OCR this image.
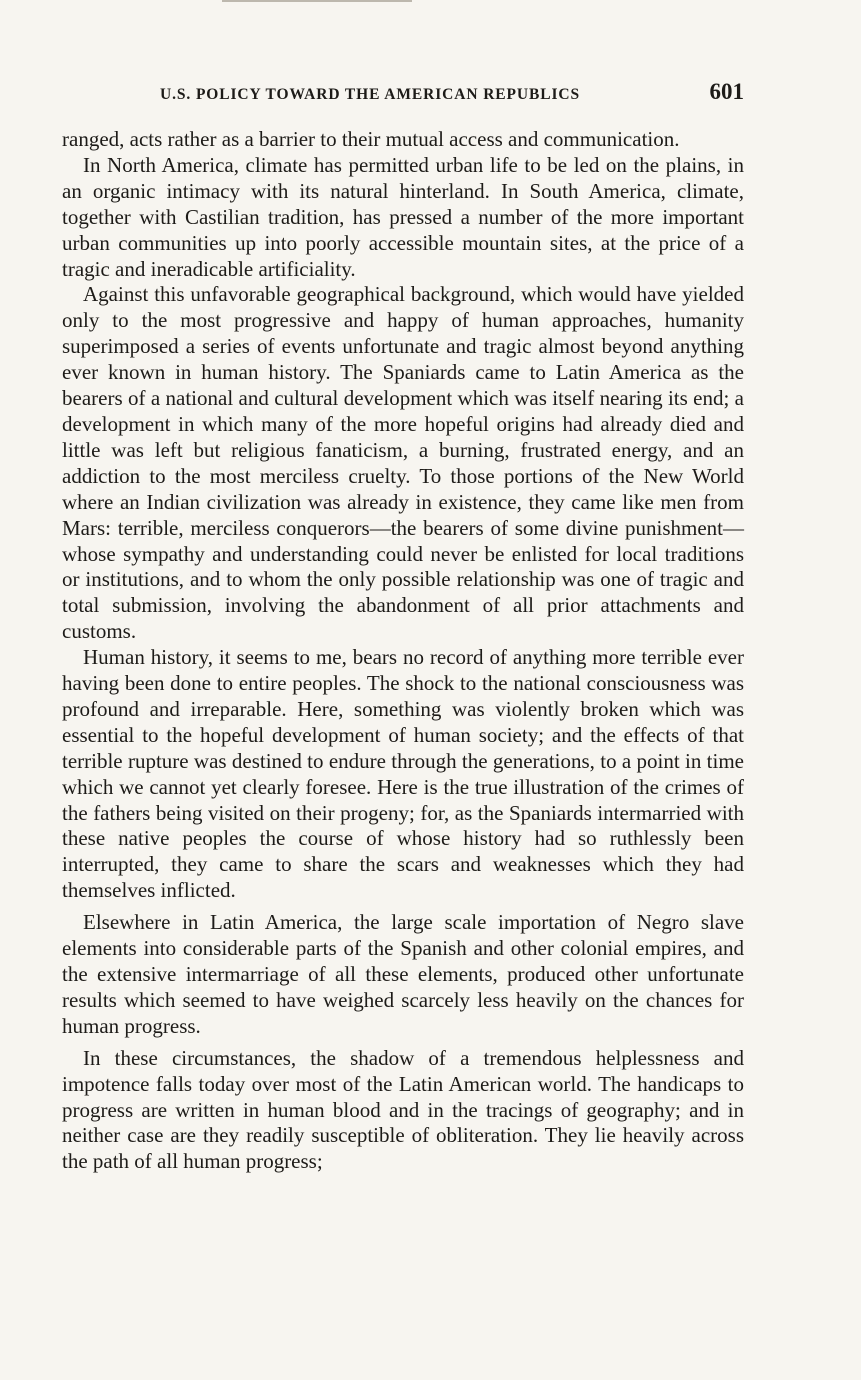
U.S. POLICY TOWARD THE AMERICAN REPUBLICS	601

ranged, acts rather as a barrier to their mutual access and communication.

In North America, climate has permitted urban life to be led on the plains, in an organic intimacy with its natural hinterland. In South America, climate, together with Castilian tradition, has pressed a number of the more important urban communities up into poorly accessible mountain sites, at the price of a tragic and ineradicable artificiality.

Against this unfavorable geographical background, which would have yielded only to the most progressive and happy of human approaches, humanity superimposed a series of events unfortunate and tragic almost beyond anything ever known in human history. The Spaniards came to Latin America as the bearers of a national and cultural development which was itself nearing its end; a development in which many of the more hopeful origins had already died and little was left but religious fanaticism, a burning, frustrated energy, and an addiction to the most merciless cruelty. To those portions of the New World where an Indian civilization was already in existence, they came like men from Mars: terrible, merciless conquerors—the bearers of some divine punishment—whose sympathy and understanding could never be enlisted for local traditions or institutions, and to whom the only possible relationship was one of tragic and total submission, involving the abandonment of all prior attachments and customs.

Human history, it seems to me, bears no record of anything more terrible ever having been done to entire peoples. The shock to the national consciousness was profound and irreparable. Here, something was violently broken which was essential to the hopeful development of human society; and the effects of that terrible rupture was destined to endure through the generations, to a point in time which we cannot yet clearly foresee. Here is the true illustration of the crimes of the fathers being visited on their progeny; for, as the Spaniards intermarried with these native peoples the course of whose history had so ruthlessly been interrupted, they came to share the scars and weaknesses which they had themselves inflicted.

Elsewhere in Latin America, the large scale importation of Negro slave elements into considerable parts of the Spanish and other colonial empires, and the extensive intermarriage of all these elements, produced other unfortunate results which seemed to have weighed scarcely less heavily on the chances for human progress.

In these circumstances, the shadow of a tremendous helplessness and impotence falls today over most of the Latin American world. The handicaps to progress are written in human blood and in the tracings of geography; and in neither case are they readily susceptible of obliteration. They lie heavily across the path of all human progress;
